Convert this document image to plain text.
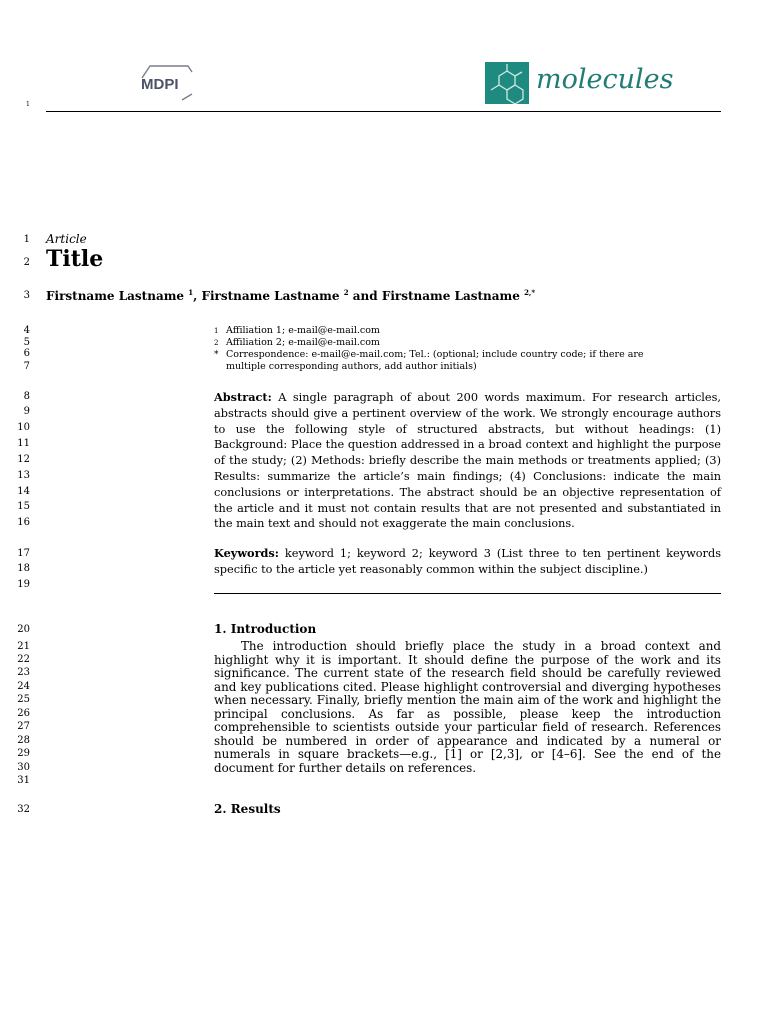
1
MDPI	molecules
1
2
3
4
5
6
7
8
9
10
11
12
13
14
15
16
17
18
19
20
21
22
23
24
25
26
27
28
29
30
31
32
Article
Title
Firstname Lastname $^1$, Firstname Lastname $^2$ and Firstname Lastname $^{2,*}$
1 Affiliation 1; e-mail@e-mail.com
2 Affiliation 2; e-mail@e-mail.com
* Correspondence: e-mail@e-mail.com; Tel.: (optional; include country code; if there are
multiple corresponding authors, add author initials)
Abstract: A single paragraph of about 200 words maximum. For research articles, abstracts should give a pertinent overview of the work. We strongly encourage authors to use the following style of structured abstracts, but without headings: (1) Background: Place the question addressed in a broad context and highlight the purpose of the study; (2) Methods: briefly describe the main methods or treatments applied; (3) Results: summarize the article’s main findings; (4) Conclusions: indicate the main conclusions or interpretations. The abstract should be an objective representation of the article and it must not contain results that are not presented and substantiated in the main text and should not exaggerate the main conclusions.
Keywords: keyword 1; keyword 2; keyword 3 (List three to ten pertinent keywords specific to the article yet reasonably common within the subject discipline.)
1. Introduction
The introduction should briefly place the study in a broad context and highlight why it is important. It should define the purpose of the work and its significance. The current state of the research field should be carefully reviewed and key publications cited. Please highlight controversial and diverging hypotheses when necessary. Finally, briefly mention the main aim of the work and highlight the principal conclusions. As far as possible, please keep the introduction comprehensible to scientists outside your particular field of research. References should be numbered in order of appearance and indicated by a numeral or numerals in square brackets—e.g., [1] or [2,3], or [4–6]. See the end of the document for further details on references.
2. Results
